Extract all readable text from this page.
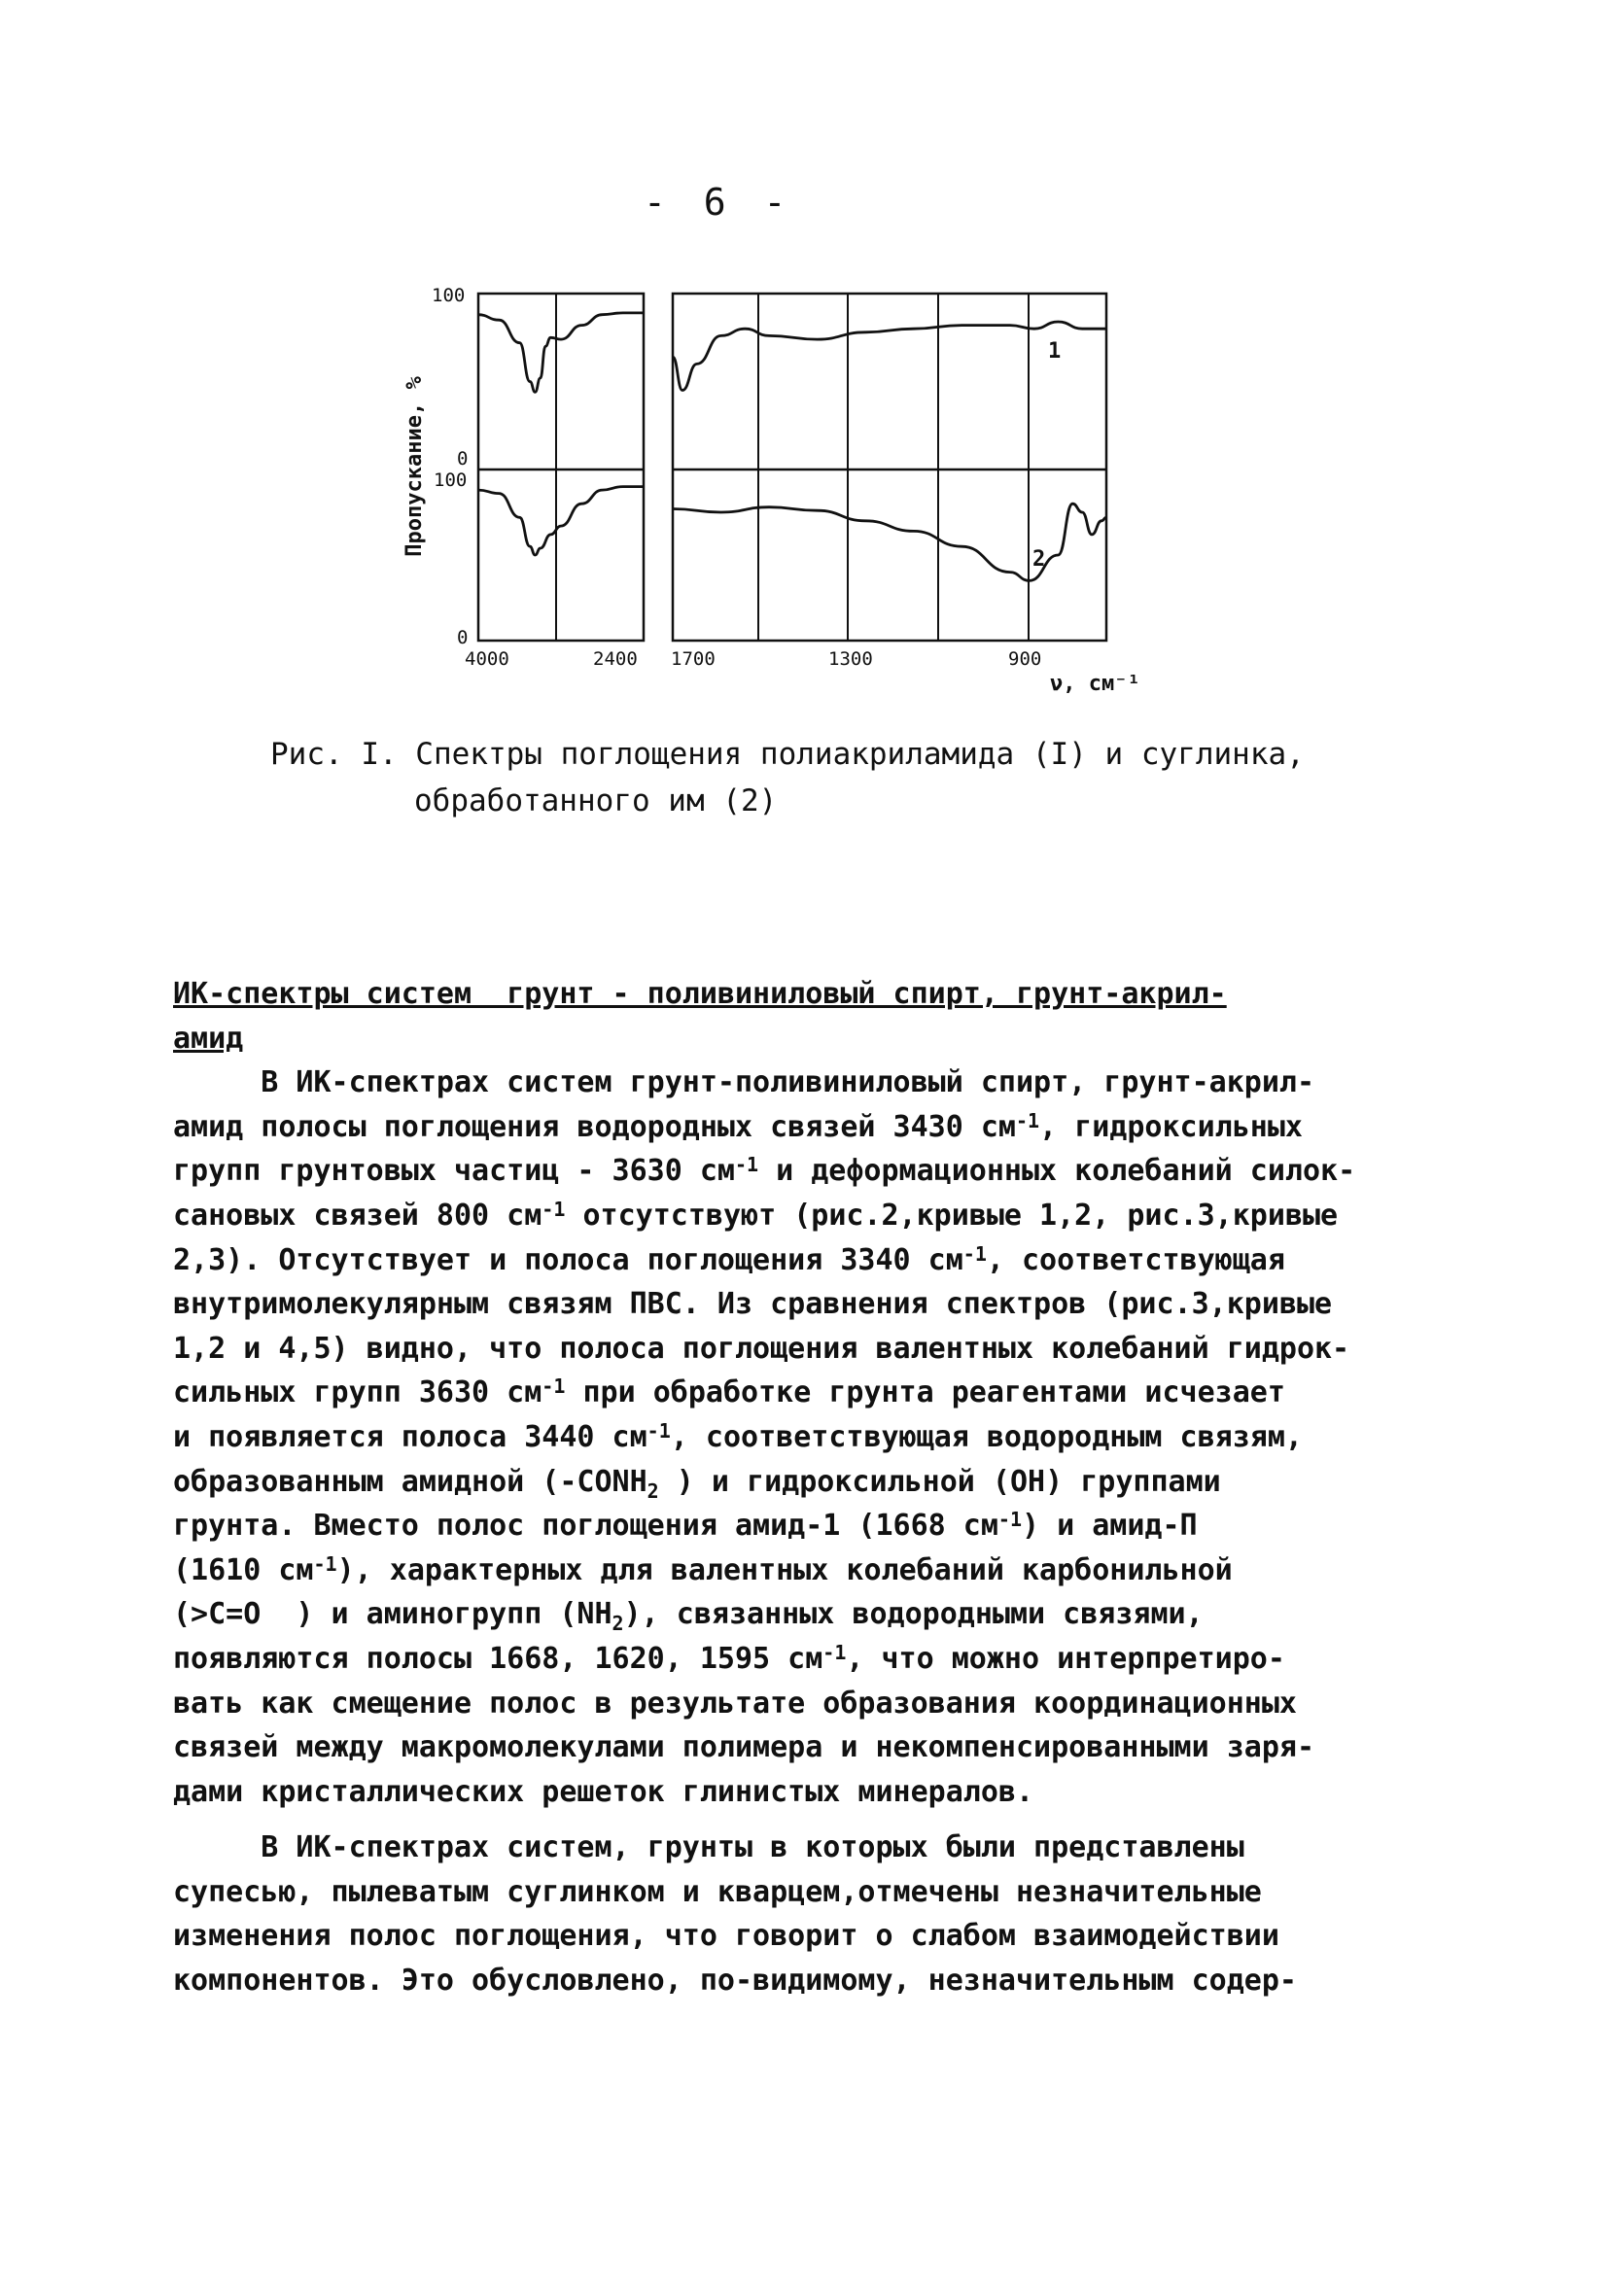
- 6 -
100
0
100
0
Пропускание, %
4000	2400 1700	1300	900
ν, см⁻¹
1
2
Рис. I. Спектры поглощения полиакриламида (I) и суглинка,
обработанного им (2)
ИК-спектры систем  грунт - поливиниловый спирт, грунт-акрил-
амид
В ИК-спектрах систем грунт-поливиниловый спирт, грунт-акрил-
амид полосы поглощения водородных связей 3430 $см^{-1}$, гидроксильных
групп грунтовых частиц - 3630 $см^{-1}$ и деформационных колебаний силок-
сановых связей 800 $см^{-1}$ отсутствуют (рис.2,кривые 1,2, рис.3,кривые
2,3). Отсутствует и полоса поглощения 3340 $см^{-1}$, соответствующая
внутримолекулярным связям ПВС. Из сравнения спектров (рис.3,кривые
1,2 и 4,5) видно, что полоса поглощения валентных колебаний гидрок-
сильных групп 3630 $см^{-1}$ при обработке грунта реагентами исчезает
и появляется полоса 3440 $см^{-1}$, соответствующая водородным связям,
образованным амидной ($-CONH_2$ ) и гидроксильной (ОН) группами
грунта. Вместо полос поглощения амид-1 (1668 $см^{-1}$) и амид-П
(1610 $см^{-1}$), характерных для валентных колебаний карбонильной
(>C=O  ) и аминогрупп $(NH_2)$, связанных водородными связями,
появляются полосы 1668, 1620, 1595 $см^{-1}$, что можно интерпретиро-
вать как смещение полос в результате образования координационных
связей между макромолекулами полимера и некомпенсированными заря-
дами кристаллических решеток глинистых минералов.
В ИК-спектрах систем, грунты в которых были представлены
супесью, пылеватым суглинком и кварцем,отмечены незначительные
изменения полос поглощения, что говорит о слабом взаимодействии
компонентов. Это обусловлено, по-видимому, незначительным содер-
